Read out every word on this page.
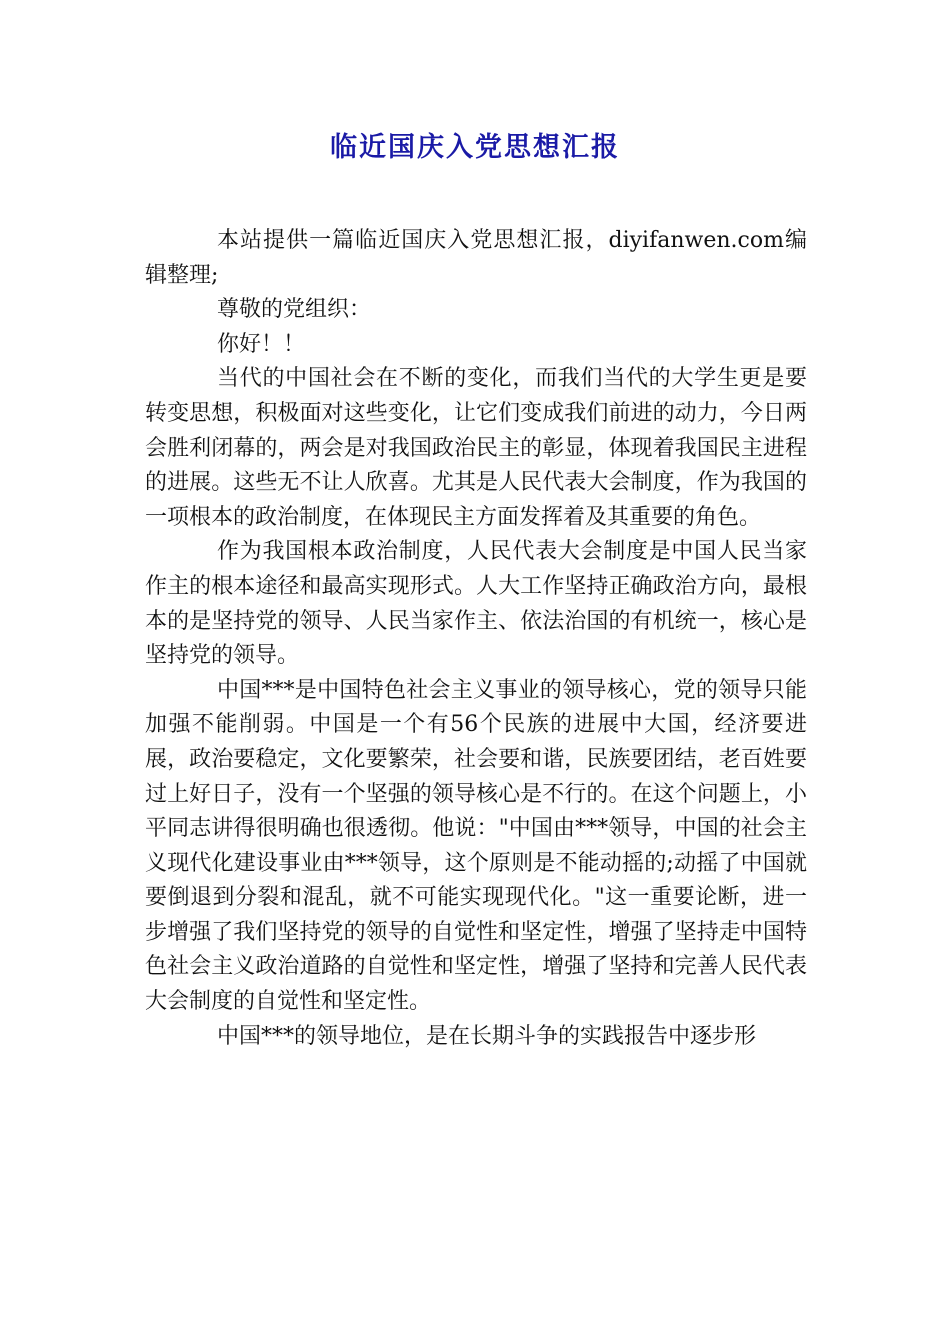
临近国庆入党思想汇报

本站提供一篇临近国庆入党思想汇报，diyifanwen.com编辑整理;

尊敬的党组织：

你好！！

当代的中国社会在不断的变化，而我们当代的大学生更是要转变思想，积极面对这些变化，让它们变成我们前进的动力，今日两会胜利闭幕的，两会是对我国政治民主的彰显，体现着我国民主进程的进展。这些无不让人欣喜。尤其是人民代表大会制度，作为我国的一项根本的政治制度，在体现民主方面发挥着及其重要的角色。

作为我国根本政治制度，人民代表大会制度是中国人民当家作主的根本途径和最高实现形式。人大工作坚持正确政治方向，最根本的是坚持党的领导、人民当家作主、依法治国的有机统一，核心是坚持党的领导。

中国***是中国特色社会主义事业的领导核心，党的领导只能加强不能削弱。中国是一个有56个民族的进展中大国，经济要进展，政治要稳定，文化要繁荣，社会要和谐，民族要团结，老百姓要过上好日子，没有一个坚强的领导核心是不行的。在这个问题上，小平同志讲得很明确也很透彻。他说："中国由***领导，中国的社会主义现代化建设事业由***领导，这个原则是不能动摇的;动摇了中国就要倒退到分裂和混乱，就不可能实现现代化。"这一重要论断，进一步增强了我们坚持党的领导的自觉性和坚定性，增强了坚持走中国特色社会主义政治道路的自觉性和坚定性，增强了坚持和完善人民代表大会制度的自觉性和坚定性。

中国***的领导地位，是在长期斗争的实践报告中逐步形
